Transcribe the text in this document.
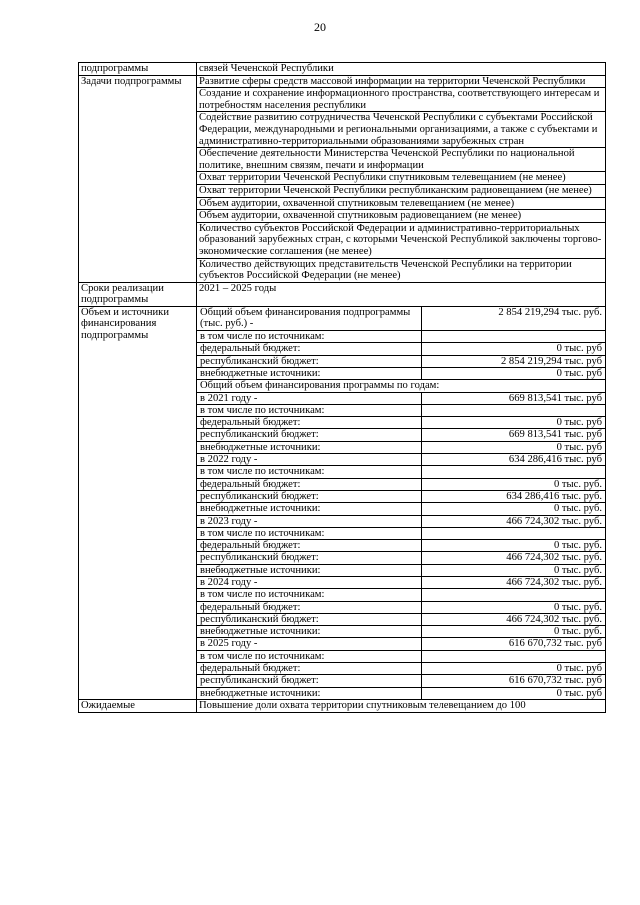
20
подпрограммы	связей Чеченской Республики
Задачи подпрограммы	Развитие сферы средств массовой информации на территории Чеченской Республики
Создание и сохранение информационного пространства, соответствующего интересам и потребностям населения республики
Содействие развитию сотрудничества Чеченской Республики с субъектами Российской Федерации, международными и региональными организациями, а также с субъектами и административно-территориальными образованиями зарубежных стран
Обеспечение деятельности Министерства Чеченской Республики по национальной политике, внешним связям, печати и информации
Охват территории Чеченской Республики спутниковым телевещанием (не менее)
Охват территории Чеченской Республики республиканским радиовещанием (не менее)
Объем аудитории, охваченной спутниковым телевещанием (не менее)
Объем аудитории, охваченной спутниковым радиовещанием (не менее)
Количество субъектов Российской Федерации и административно-территориальных образований зарубежных стран, с которыми Чеченской Республикой заключены торгово-экономические соглашения (не менее)
Количество действующих представительств Чеченской Республики на территории субъектов Российской Федерации (не менее)

Сроки реализации подпрограммы	2021 – 2025 годы
Объем и источники финансирования подпрограммы	
Общий объем финансирования подпрограммы (тыс. руб.) -	2 854 219,294 тыс. руб.
в том числе по источникам:	
федеральный бюджет:	0 тыс. руб
республиканский бюджет:	2 854 219,294 тыс. руб
внебюджетные источники:	0 тыс. руб
Общий объем финансирования программы по годам:
в 2021 году -	669 813,541 тыс. руб
в том числе по источникам:	
федеральный бюджет:	0 тыс. руб
республиканский бюджет:	669 813,541 тыс. руб
внебюджетные источники:	0 тыс. руб
в 2022 году -	634 286,416 тыс. руб
в том числе по источникам:	
федеральный бюджет:	0 тыс. руб.
республиканский бюджет:	634 286,416 тыс. руб.
внебюджетные источники:	0 тыс. руб.
в 2023 году -	466 724,302 тыс. руб.
в том числе по источникам:	
федеральный бюджет:	0 тыс. руб.
республиканский бюджет:	466 724,302 тыс. руб.
внебюджетные источники:	0 тыс. руб.
в 2024 году -	466 724,302 тыс. руб.
в том числе по источникам:	
федеральный бюджет:	0 тыс. руб.
республиканский бюджет:	466 724,302 тыс. руб.
внебюджетные источники:	0 тыс. руб.
в 2025 году -	616 670,732 тыс. руб
в том числе по источникам:	
федеральный бюджет:	0 тыс. руб
республиканский бюджет:	616 670,732 тыс. руб
внебюджетные источники:	0 тыс. руб

Ожидаемые	Повышение доли охвата территории спутниковым телевещанием до 100
